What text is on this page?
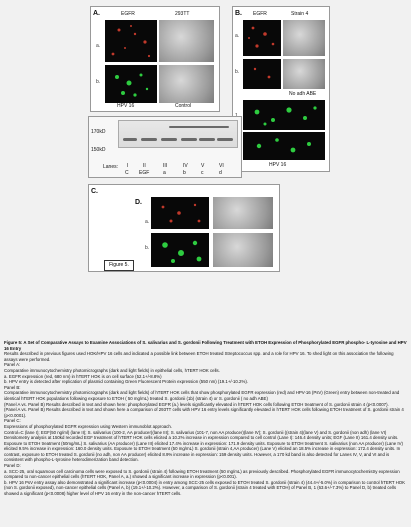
A.	EGFR	293TT
a.
b.
HPV 16	Control
B. EGFR	Strain 4
a.
b.
No adh ABE
HPV 16
170kD
150kD
Lanes: I	II	III	IV	V	VI
C EGF	a	b	c	d
C.
D.
a.
b.
Figure 5.

Figure 5: A Set of Comparative Assays to Examine Associations of S. salivarius and S. gordonii Following Treatment with ETOH Expression of Phosphorylated EGFR phospho- L-tyrosine and HPV 16 Entry

Results described in previous figures used HOK/HPV 16 cells and indicated a possible link between ETOH treated Streptococcus spp. and a role for HPV 16. To shed light on this association the following assays were performed.

Panel A:

Comparative immunocytochemistry photomicrographs (dark and light fields) in epithelial cells, hTERT HOK cells.

a. EGFR expression (red, 680 nm) in hTERT HOK is on cell surface (52.1+/-8.8%)

b. HPV entry is detected after replication of plasmid containing Green Fluorescent Protein expression (550 nm) (19.1+/-10.2%).

Panel B:

Comparative immunocytochemistry photomicrographs (dark and light fields) of hTERT HOK cells that show phosphorylated EGFR expression (red) and HPV-16 (PsV) (Green) entry between non-treated and identical hTERT HOK populations following exposure to ETOH ( 50 mg/mL) treated S. gordonii (1b) (strain 4) or S. gordonii ( no adh ABE)

(Panel A vs. Panel B) Results described in text and shown here: phosphorylated EGFR (a.) levels significantly elevated in hTERT HOK cells following ETOH treatment of S. gordonii strain 4 (p<0.0007).

(Panel A vs. Panel B) Results described in text and shown here a comparison of 293TT cells with HPV 16 entry levels significantly elevated in hTERT HOK cells following ETOH treatment of S. gordonii strain 4 (p<0.0001).

Panel C:

Expressions of phosphorylated EGFR expression using Western immunoblot approach.

Control=C (lane I); EGF(50 ng/ml) (lane II); S. salivarius (100-2, AA producer)(lane III); S. salivarius (101-7, non AA producer)(lane IV); S. gordonii ((strain 4)(lane V) and S. gordonii (non adh) (lane VI)

Densitometry analysis at 150kd recorded EGF treatment of hTERT HOK cells elicited a 10.2% increase in expression compared to cell control (Lane I): 146.4 density units; EGF (Lane II) 161.4 density units. Exposure to ETOH treatment (50mg/mL) S. salivarius (AA producer) (Lane III) elicited 17.4% increase in expression: 171.9 density units. Exposure to ETOH treatment S. salivarius (non AA producer) (Lane IV) elicited 9.5% increase in expression: 160.0 density units. Exposure to ETOH treatment (50 mg/mL) S. gordonii (strain 4,AA producer) (Lane V) elicited an 18.5% increase in expression: 172.4 density units. In contrast, exposure to ETOH treated S. gordonii (no adh, non AA producer) elicited 8.9% increase in expression: 159 density units. However, a 170 kd band is also detected for Lanes IV, V, and VI and is consistent with phospho-L-tyrosine heterodimerization band detection.

Panel D:

a. SCC-25, oral squamous cell carcinoma cells were exposed to S. gordonii (strain 4) following ETOH treatment (50 mg/mL) as previously described. Phosphorylated EGFR immunocytochemistry expression compared to non-cancer epithelial cells (hTERT HOK, Panel A, a.) showed a significant increase in expression (p<0.001).

b. HPV 16 PsV entry assay also demonstrated a significant increase (p<0.0004) in entry among SCC-25 cells exposed to ETOH treated S. gordonii (strain 4) (44.4+/-5.0%) in comparison to control hTERT HOK (non S. gordonii exposed), non-cancer epithelial cells (Panel A, b) (19.1+/-10.2%). However, a comparison of S. gordonii (strain 4 treated with ETOH) of Panel B, 1 (63.6+/-7.3%) to Panel D, b) treated cells showed a significant (p<0.0008) higher level of HPV 16 entry in the non-cancer hTERT cells.
